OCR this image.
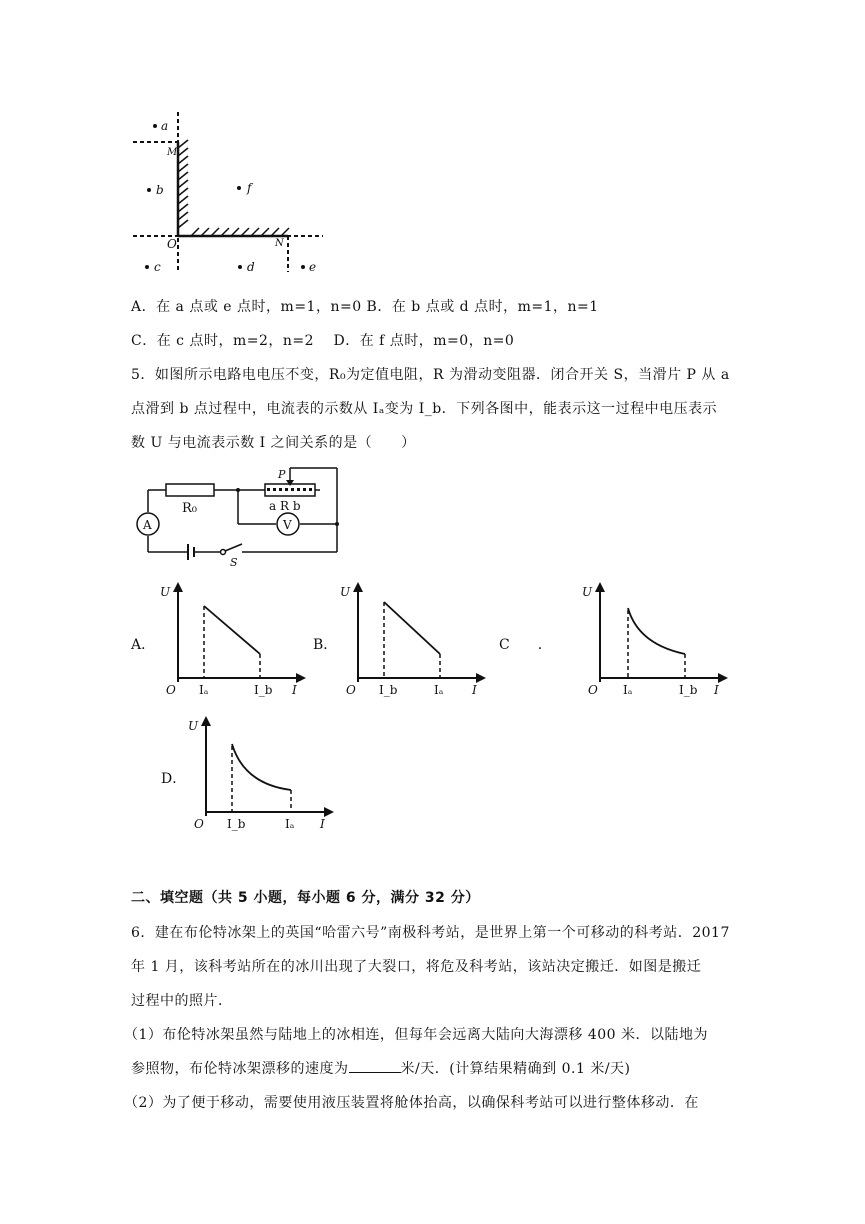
a
M
b	f
O	N
c	d	e
A．在 a 点或 e 点时，m=1，n=0 B．在 b 点或 d 点时，m=1，n=1
C．在 c 点时，m=2，n=2　 D．在 f 点时，m=0，n=0
5．如图所示电路电电压不变，R₀为定值电阻，R 为滑动变阻器．闭合开关 S，当滑片 P 从 a
点滑到 b 点过程中，电流表的示数从 Iₐ变为 I_b．下列各图中，能表示这一过程中电压表示
数 U 与电流表示数 I 之间关系的是（　　）
R₀
P
a R b
A	V
S
A．
U
O	I
Iₐ	I_b
B．
U
O	I
I_b	Iₐ
C　　．
U
O	I
Iₐ	I_b
D．
U
O	I
I_b	Iₐ
二、填空题（共 5 小题，每小题 6 分，满分 32 分）
6．建在布伦特冰架上的英国“哈雷六号”南极科考站，是世界上第一个可移动的科考站．2017
年 1 月，该科考站所在的冰川出现了大裂口，将危及科考站，该站决定搬迁．如图是搬迁
过程中的照片．
（1）布伦特冰架虽然与陆地上的冰相连，但每年会远离大陆向大海漂移 400 米．以陆地为
参照物，布伦特冰架漂移的速度为	米/天．(计算结果精确到 0.1 米/天)
（2）为了便于移动，需要使用液压装置将舱体抬高，以确保科考站可以进行整体移动．在
